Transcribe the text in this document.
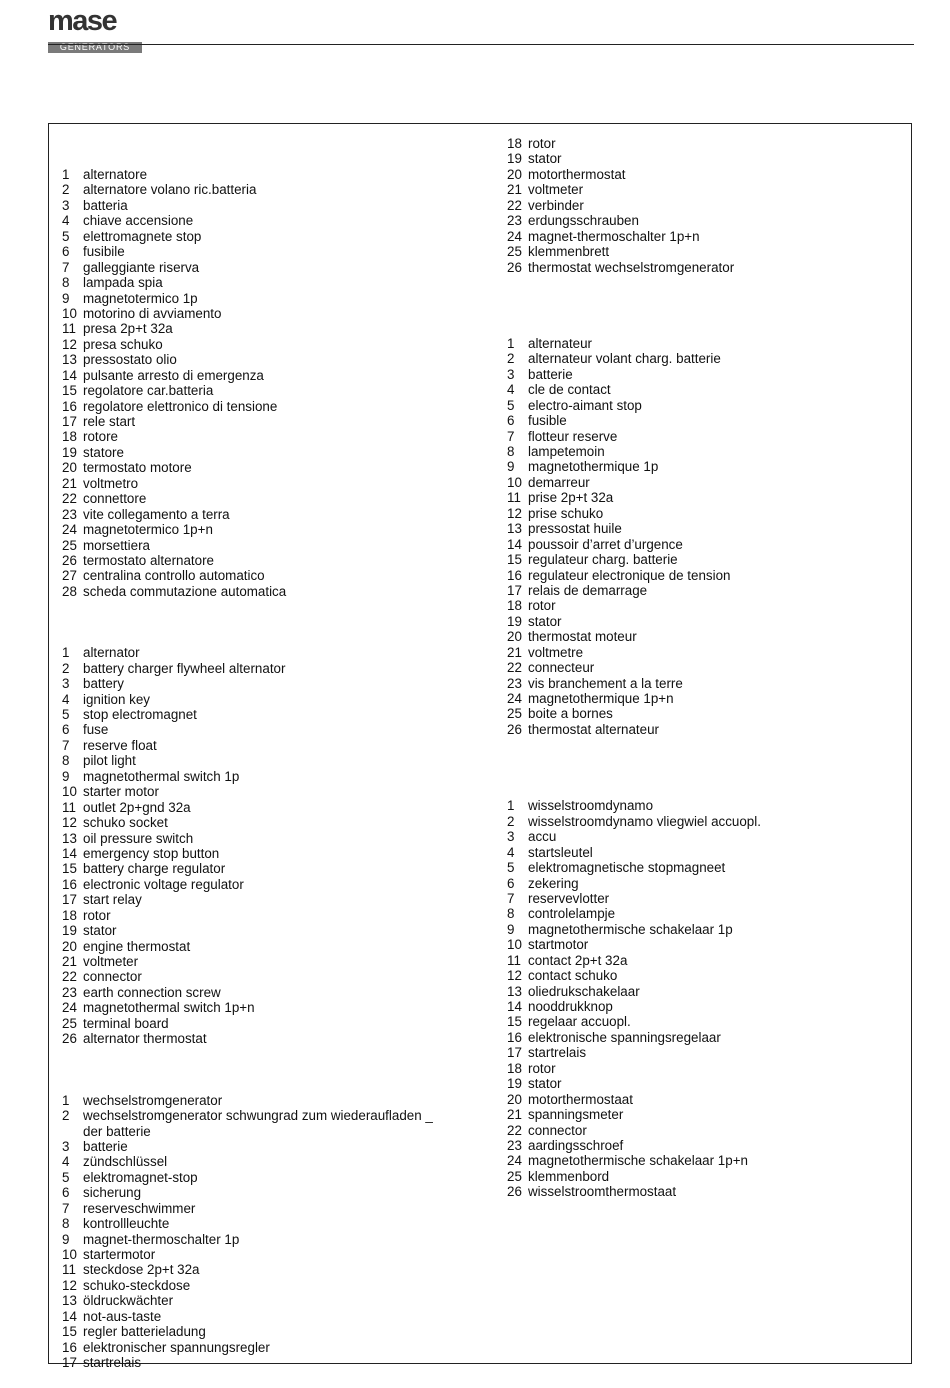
mase
GENERATORS
1	alternatore
2	alternatore volano ric.batteria
3	batteria
4	chiave accensione
5	elettromagnete stop
6	fusibile
7	galleggiante riserva
8	lampada spia
9	magnetotermico 1p
10 motorino di avviamento
11 presa 2p+t 32a
12 presa schuko
13 pressostato olio
14 pulsante arresto di emergenza
15 regolatore car.batteria
16 regolatore elettronico di tensione
17 rele start
18 rotore
19 statore
20 termostato motore
21 voltmetro
22 connettore
23 vite collegamento a terra
24 magnetotermico 1p+n
25 morsettiera
26 termostato alternatore
27 centralina controllo automatico
28 scheda commutazione automatica
1	alternator
2	battery charger flywheel alternator
3	battery
4	ignition key
5	stop electromagnet
6	fuse
7	reserve float
8	pilot light
9	magnetothermal switch 1p
10 starter motor
11 outlet 2p+gnd 32a
12 schuko socket
13 oil pressure switch
14 emergency stop button
15 battery charge regulator
16 electronic voltage regulator
17 start relay
18 rotor
19 stator
20 engine thermostat
21 voltmeter
22 connector
23 earth connection screw
24 magnetothermal switch 1p+n
25 terminal board
26 alternator thermostat
1	wechselstromgenerator
2	wechselstromgenerator schwungrad zum wiederaufladen _
der batterie
3	batterie
4	zündschlüssel
5	elektromagnet-stop
6	sicherung
7	reserveschwimmer
8	kontrollleuchte
9	magnet-thermoschalter 1p
10 startermotor
11 steckdose 2p+t 32a
12 schuko-steckdose
13 öldruckwächter
14 not-aus-taste
15 regler batterieladung
16 elektronischer spannungsregler
17 startrelais
18 rotor
19 stator
20 motorthermostat
21 voltmeter
22 verbinder
23 erdungsschrauben
24 magnet-thermoschalter 1p+n
25 klemmenbrett
26 thermostat wechselstromgenerator
1	alternateur
2	alternateur volant charg. batterie
3	batterie
4	cle de contact
5	electro-aimant stop
6	fusible
7	flotteur reserve
8	lampetemoin
9	magnetothermique 1p
10 demarreur
11 prise 2p+t 32a
12 prise schuko
13 pressostat huile
14 poussoir d’arret d’urgence
15 regulateur charg. batterie
16 regulateur electronique de tension
17 relais de demarrage
18 rotor
19 stator
20 thermostat moteur
21 voltmetre
22 connecteur
23 vis branchement a la terre
24 magnetothermique 1p+n
25 boite a bornes
26 thermostat alternateur
1	wisselstroomdynamo
2	wisselstroomdynamo vliegwiel accuopl.
3	accu
4	startsleutel
5	elektromagnetische stopmagneet
6	zekering
7	reservevlotter
8	controlelampje
9	magnetothermische schakelaar 1p
10 startmotor
11 contact 2p+t 32a
12 contact schuko
13 oliedrukschakelaar
14 nooddrukknop
15 regelaar accuopl.
16 elektronische spanningsregelaar
17 startrelais
18 rotor
19 stator
20 motorthermostaat
21 spanningsmeter
22 connector
23 aardingsschroef
24 magnetothermische schakelaar 1p+n
25 klemmenbord
26 wisselstroomthermostaat
